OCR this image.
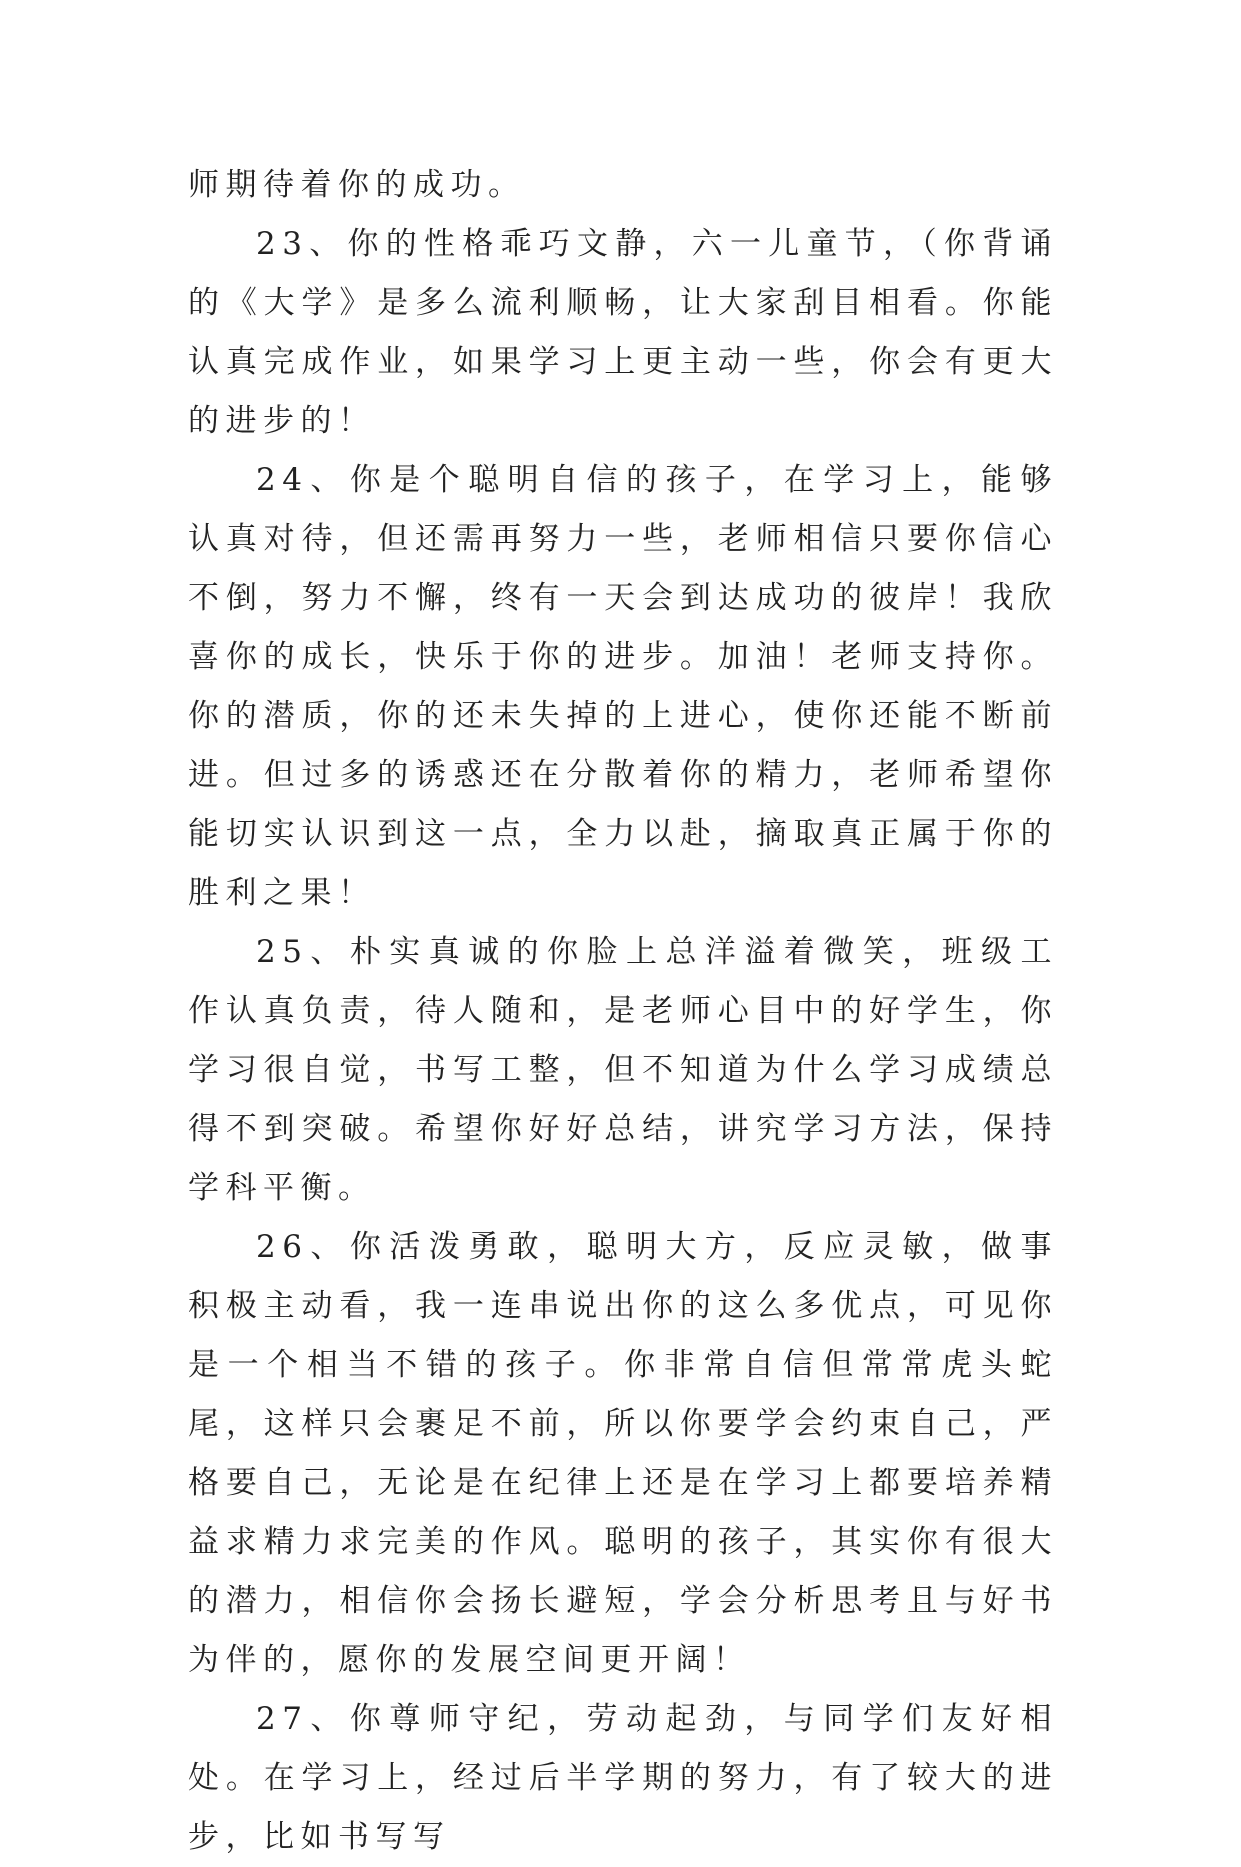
师期待着你的成功。

23、你的性格乖巧文静，六一儿童节，（你背诵的《大学》是多么流利顺畅，让大家刮目相看。你能认真完成作业，如果学习上更主动一些，你会有更大的进步的！

24、你是个聪明自信的孩子，在学习上，能够认真对待，但还需再努力一些，老师相信只要你信心不倒，努力不懈，终有一天会到达成功的彼岸！我欣喜你的成长，快乐于你的进步。加油！老师支持你。 你的潜质，你的还未失掉的上进心，使你还能不断前进。但过多的诱惑还在分散着你的精力，老师希望你能切实认识到这一点，全力以赴，摘取真正属于你的胜利之果！

25、朴实真诚的你脸上总洋溢着微笑，班级工作认真负责，待人随和，是老师心目中的好学生，你学习很自觉，书写工整，但不知道为什么学习成绩总得不到突破。希望你好好总结，讲究学习方法，保持学科平衡。

26、你活泼勇敢，聪明大方，反应灵敏，做事积极主动看，我一连串说出你的这么多优点，可见你是一个相当不错的孩子。你非常自信但常常虎头蛇尾，这样只会裹足不前，所以你要学会约束自己，严格要自己，无论是在纪律上还是在学习上都要培养精益求精力求完美的作风。聪明的孩子，其实你有很大的潜力，相信你会扬长避短，学会分析思考且与好书为伴的，愿你的发展空间更开阔！

27、你尊师守纪，劳动起劲，与同学们友好相处。在学习上，经过后半学期的努力，有了较大的进步，比如书写写
